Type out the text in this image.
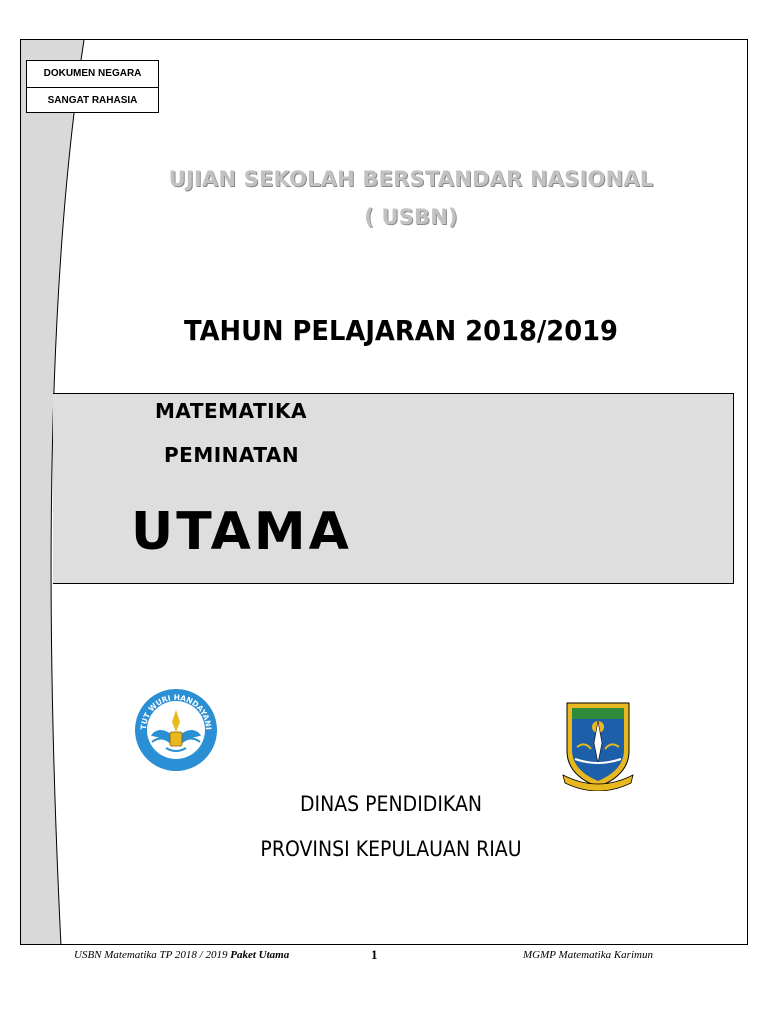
DOKUMEN NEGARA
SANGAT RAHASIA
UJIAN SEKOLAH BERSTANDAR NASIONAL
( USBN)
TAHUN PELAJARAN 2018/2019
MATEMATIKA
PEMINATAN
UTAMA
TUT WURI HANDAYANI
DINAS PENDIDIKAN
PROVINSI KEPULAUAN RIAU
USBN Matematika TP 2018 / 2019 Paket Utama	1	MGMP Matematika Karimun
